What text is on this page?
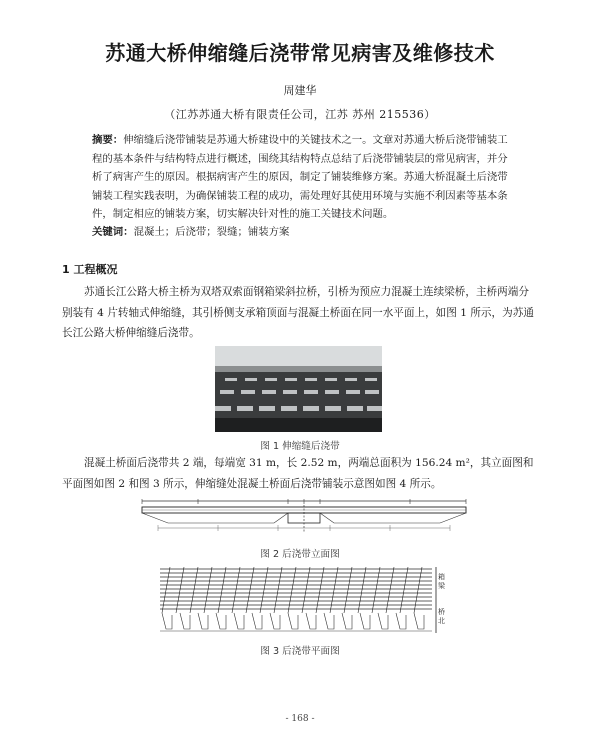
苏通大桥伸缩缝后浇带常见病害及维修技术
周建华
（江苏苏通大桥有限责任公司，江苏 苏州 215536）
摘要：伸缩缝后浇带铺装是苏通大桥建设中的关键技术之一。文章对苏通大桥后浇带铺装工程的基本条件与结构特点进行概述，围绕其结构特点总结了后浇带铺装层的常见病害，并分析了病害产生的原因。根据病害产生的原因，制定了铺装维修方案。苏通大桥混凝土后浇带铺装工程实践表明，为确保铺装工程的成功，需处理好其使用环境与实施不利因素等基本条件，制定相应的铺装方案，切实解决针对性的施工关键技术问题。
关键词：混凝土；后浇带；裂缝；铺装方案
1 工程概况
苏通长江公路大桥主桥为双塔双索面钢箱梁斜拉桥，引桥为预应力混凝土连续梁桥，主桥两端分别装有 4 片转轴式伸缩缝，其引桥侧支承箱顶面与混凝土桥面在同一水平面上，如图 1 所示，为苏通长江公路大桥伸缩缝后浇带。
图 1 伸缩缝后浇带
混凝土桥面后浇带共 2 端，每端宽 31 m，长 2.52 m，两端总面积为 156.24 m²，其立面图和平面图如图 2 和图 3 所示，伸缩缝处混凝土桥面后浇带铺装示意图如图 4 所示。
图 2 后浇带立面图
箱梁
桥北
图 3 后浇带平面图
- 168 -
